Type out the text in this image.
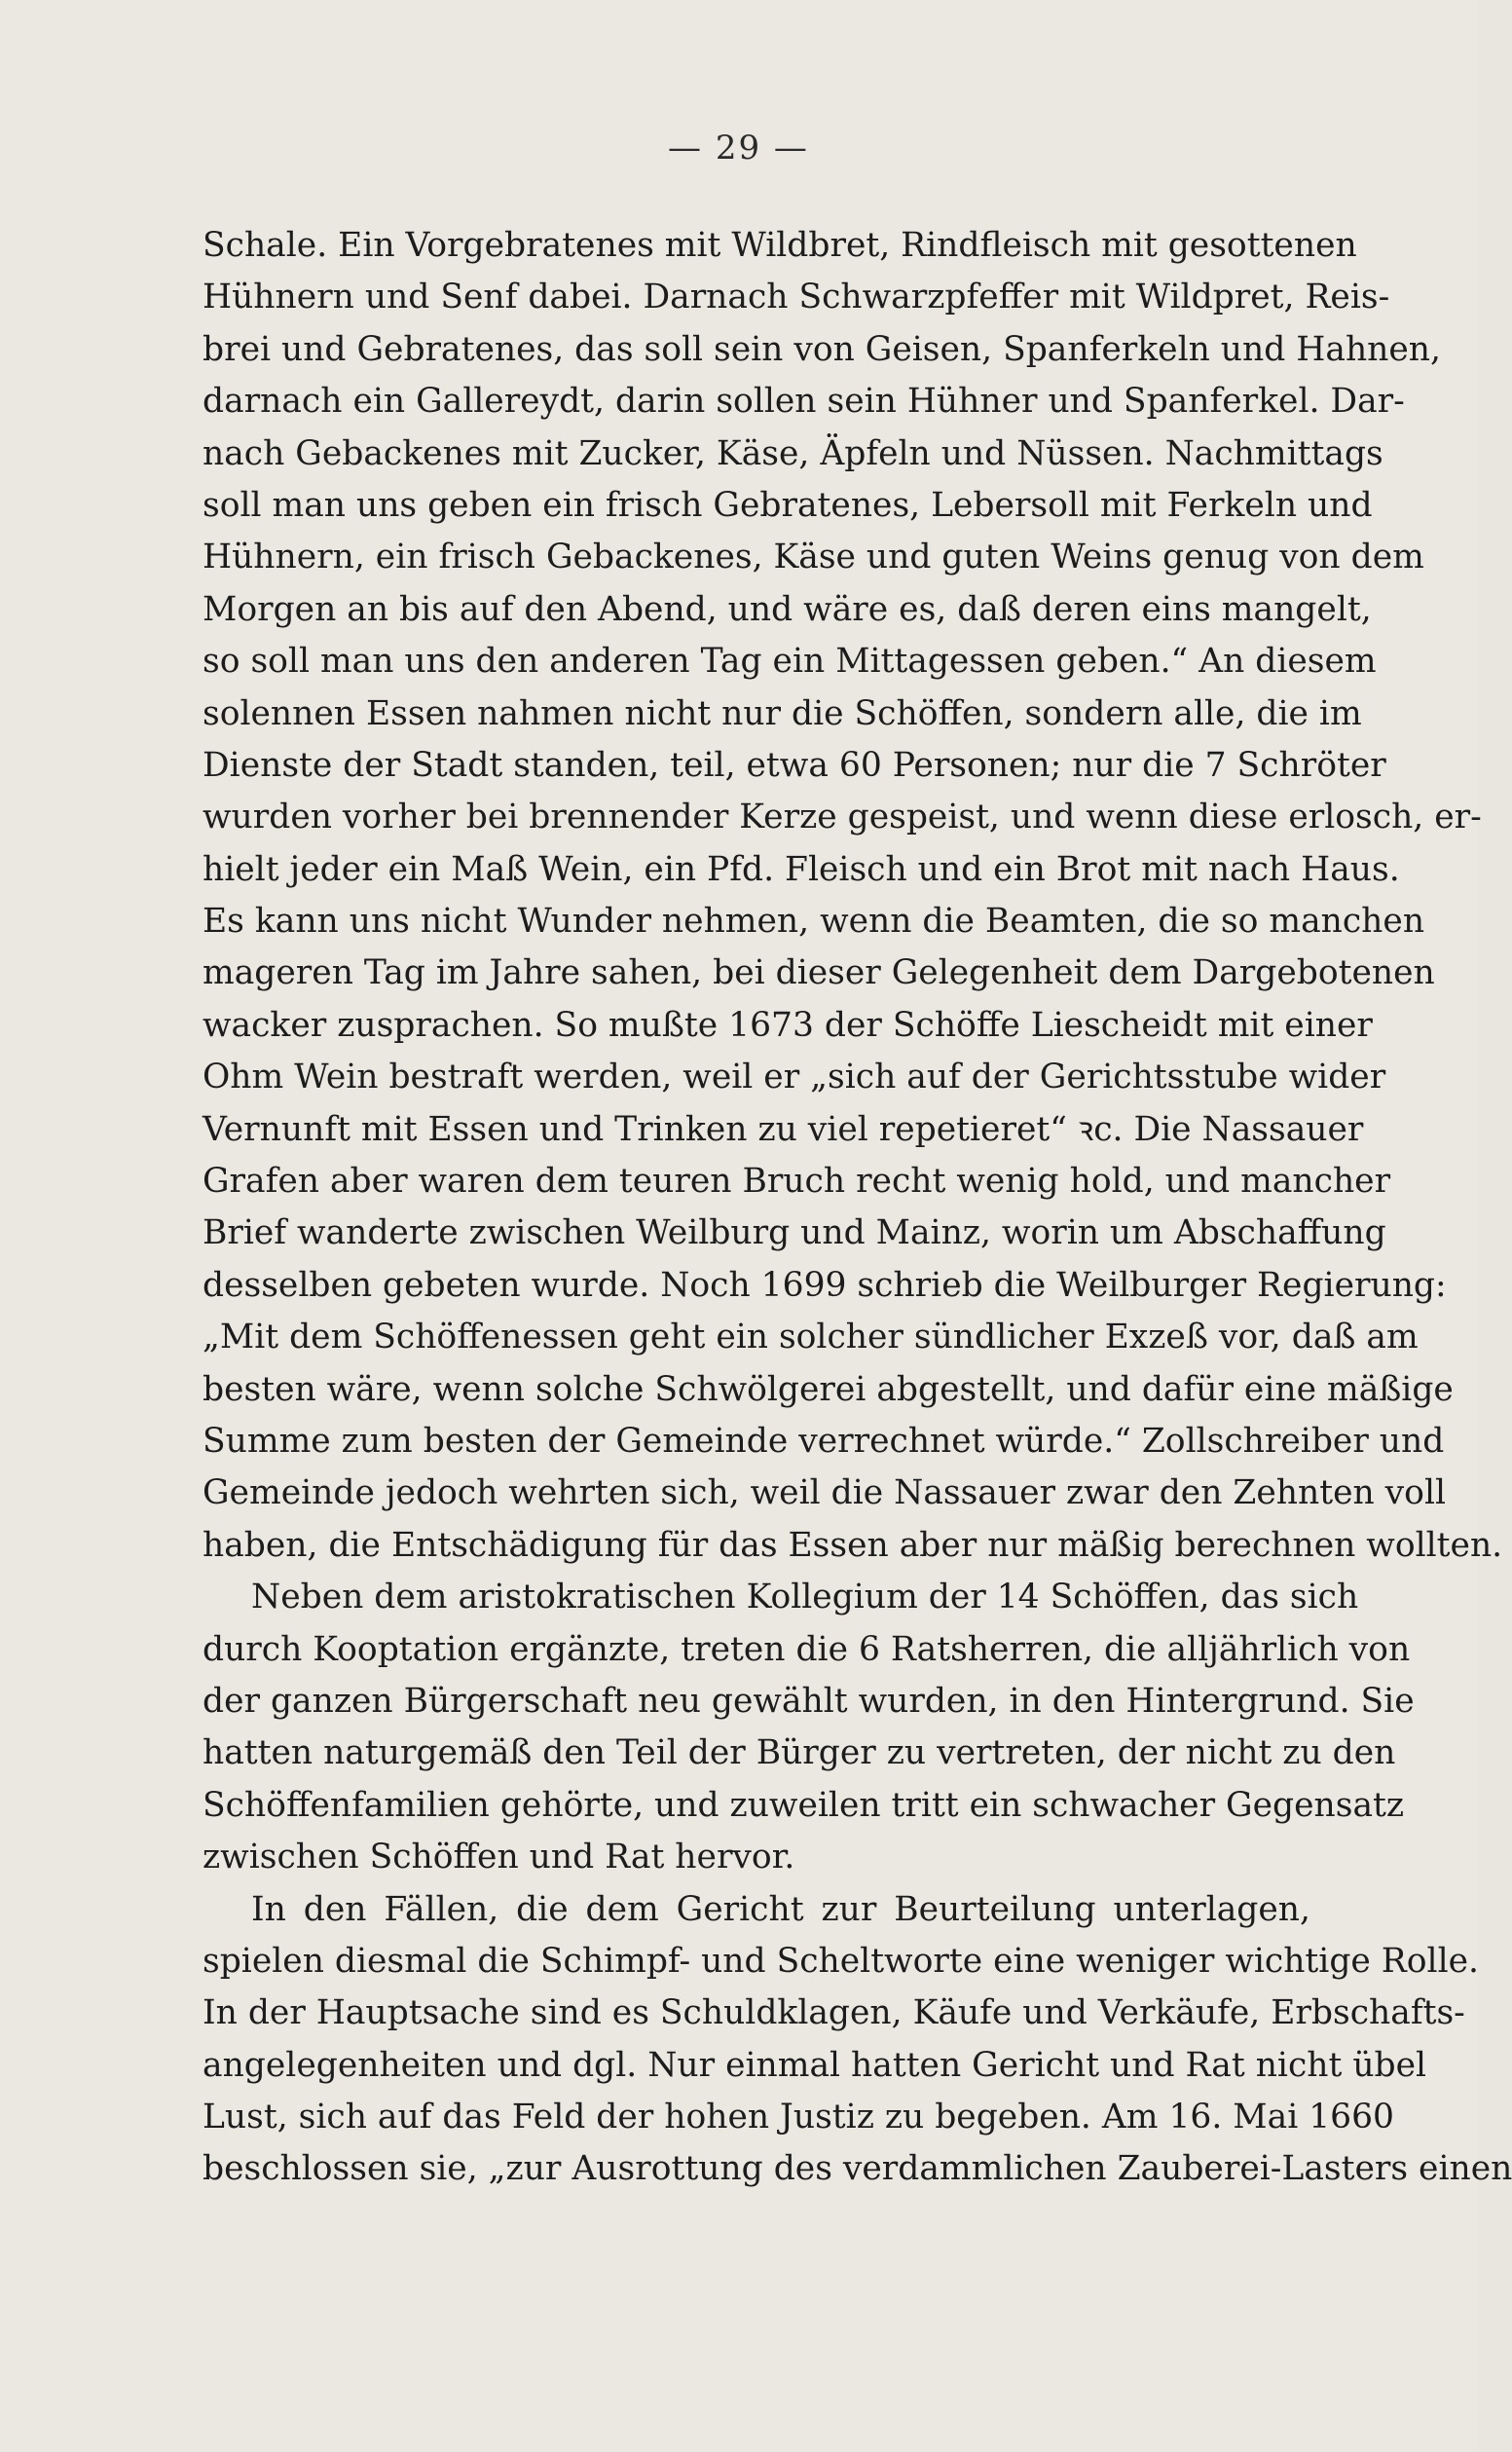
— 29 —
Schale. Ein Vorgebratenes mit Wildbret, Rindfleisch mit gesottenen
Hühnern und Senf dabei. Darnach Schwarzpfeffer mit Wildpret, Reis-
brei und Gebratenes, das soll sein von Geisen, Spanferkeln und Hahnen,
darnach ein Gallereydt, darin sollen sein Hühner und Spanferkel. Dar-
nach Gebackenes mit Zucker, Käse, Äpfeln und Nüssen. Nachmittags
soll man uns geben ein frisch Gebratenes, Lebersoll mit Ferkeln und
Hühnern, ein frisch Gebackenes, Käse und guten Weins genug von dem
Morgen an bis auf den Abend, und wäre es, daß deren eins mangelt,
so soll man uns den anderen Tag ein Mittagessen geben.“ An diesem
solennen Essen nahmen nicht nur die Schöffen, sondern alle, die im
Dienste der Stadt standen, teil, etwa 60 Personen; nur die 7 Schröter
wurden vorher bei brennender Kerze gespeist, und wenn diese erlosch, er-
hielt jeder ein Maß Wein, ein Pfd. Fleisch und ein Brot mit nach Haus.
Es kann uns nicht Wunder nehmen, wenn die Beamten, die so manchen
mageren Tag im Jahre sahen, bei dieser Gelegenheit dem Dargebotenen
wacker zusprachen. So mußte 1673 der Schöffe Liescheidt mit einer
Ohm Wein bestraft werden, weil er „sich auf der Gerichtsstube wider
Vernunft mit Essen und Trinken zu viel repetieret“ ꝛc. Die Nassauer
Grafen aber waren dem teuren Bruch recht wenig hold, und mancher
Brief wanderte zwischen Weilburg und Mainz, worin um Abschaffung
desselben gebeten wurde. Noch 1699 schrieb die Weilburger Regierung:
„Mit dem Schöffenessen geht ein solcher sündlicher Exzeß vor, daß am
besten wäre, wenn solche Schwölgerei abgestellt, und dafür eine mäßige
Summe zum besten der Gemeinde verrechnet würde.“ Zollschreiber und
Gemeinde jedoch wehrten sich, weil die Nassauer zwar den Zehnten voll
haben, die Entschädigung für das Essen aber nur mäßig berechnen wollten.
Neben dem aristokratischen Kollegium der 14 Schöffen, das sich
durch Kooptation ergänzte, treten die 6 Ratsherren, die alljährlich von
der ganzen Bürgerschaft neu gewählt wurden, in den Hintergrund. Sie
hatten naturgemäß den Teil der Bürger zu vertreten, der nicht zu den
Schöffenfamilien gehörte, und zuweilen tritt ein schwacher Gegensatz
zwischen Schöffen und Rat hervor.
In den Fällen, die dem Gericht zur Beurteilung unterlagen,
spielen diesmal die Schimpf- und Scheltworte eine weniger wichtige Rolle.
In der Hauptsache sind es Schuldklagen, Käufe und Verkäufe, Erbschafts-
angelegenheiten und dgl. Nur einmal hatten Gericht und Rat nicht übel
Lust, sich auf das Feld der hohen Justiz zu begeben. Am 16. Mai 1660
beschlossen sie, „zur Ausrottung des verdammlichen Zauberei-Lasters einen
